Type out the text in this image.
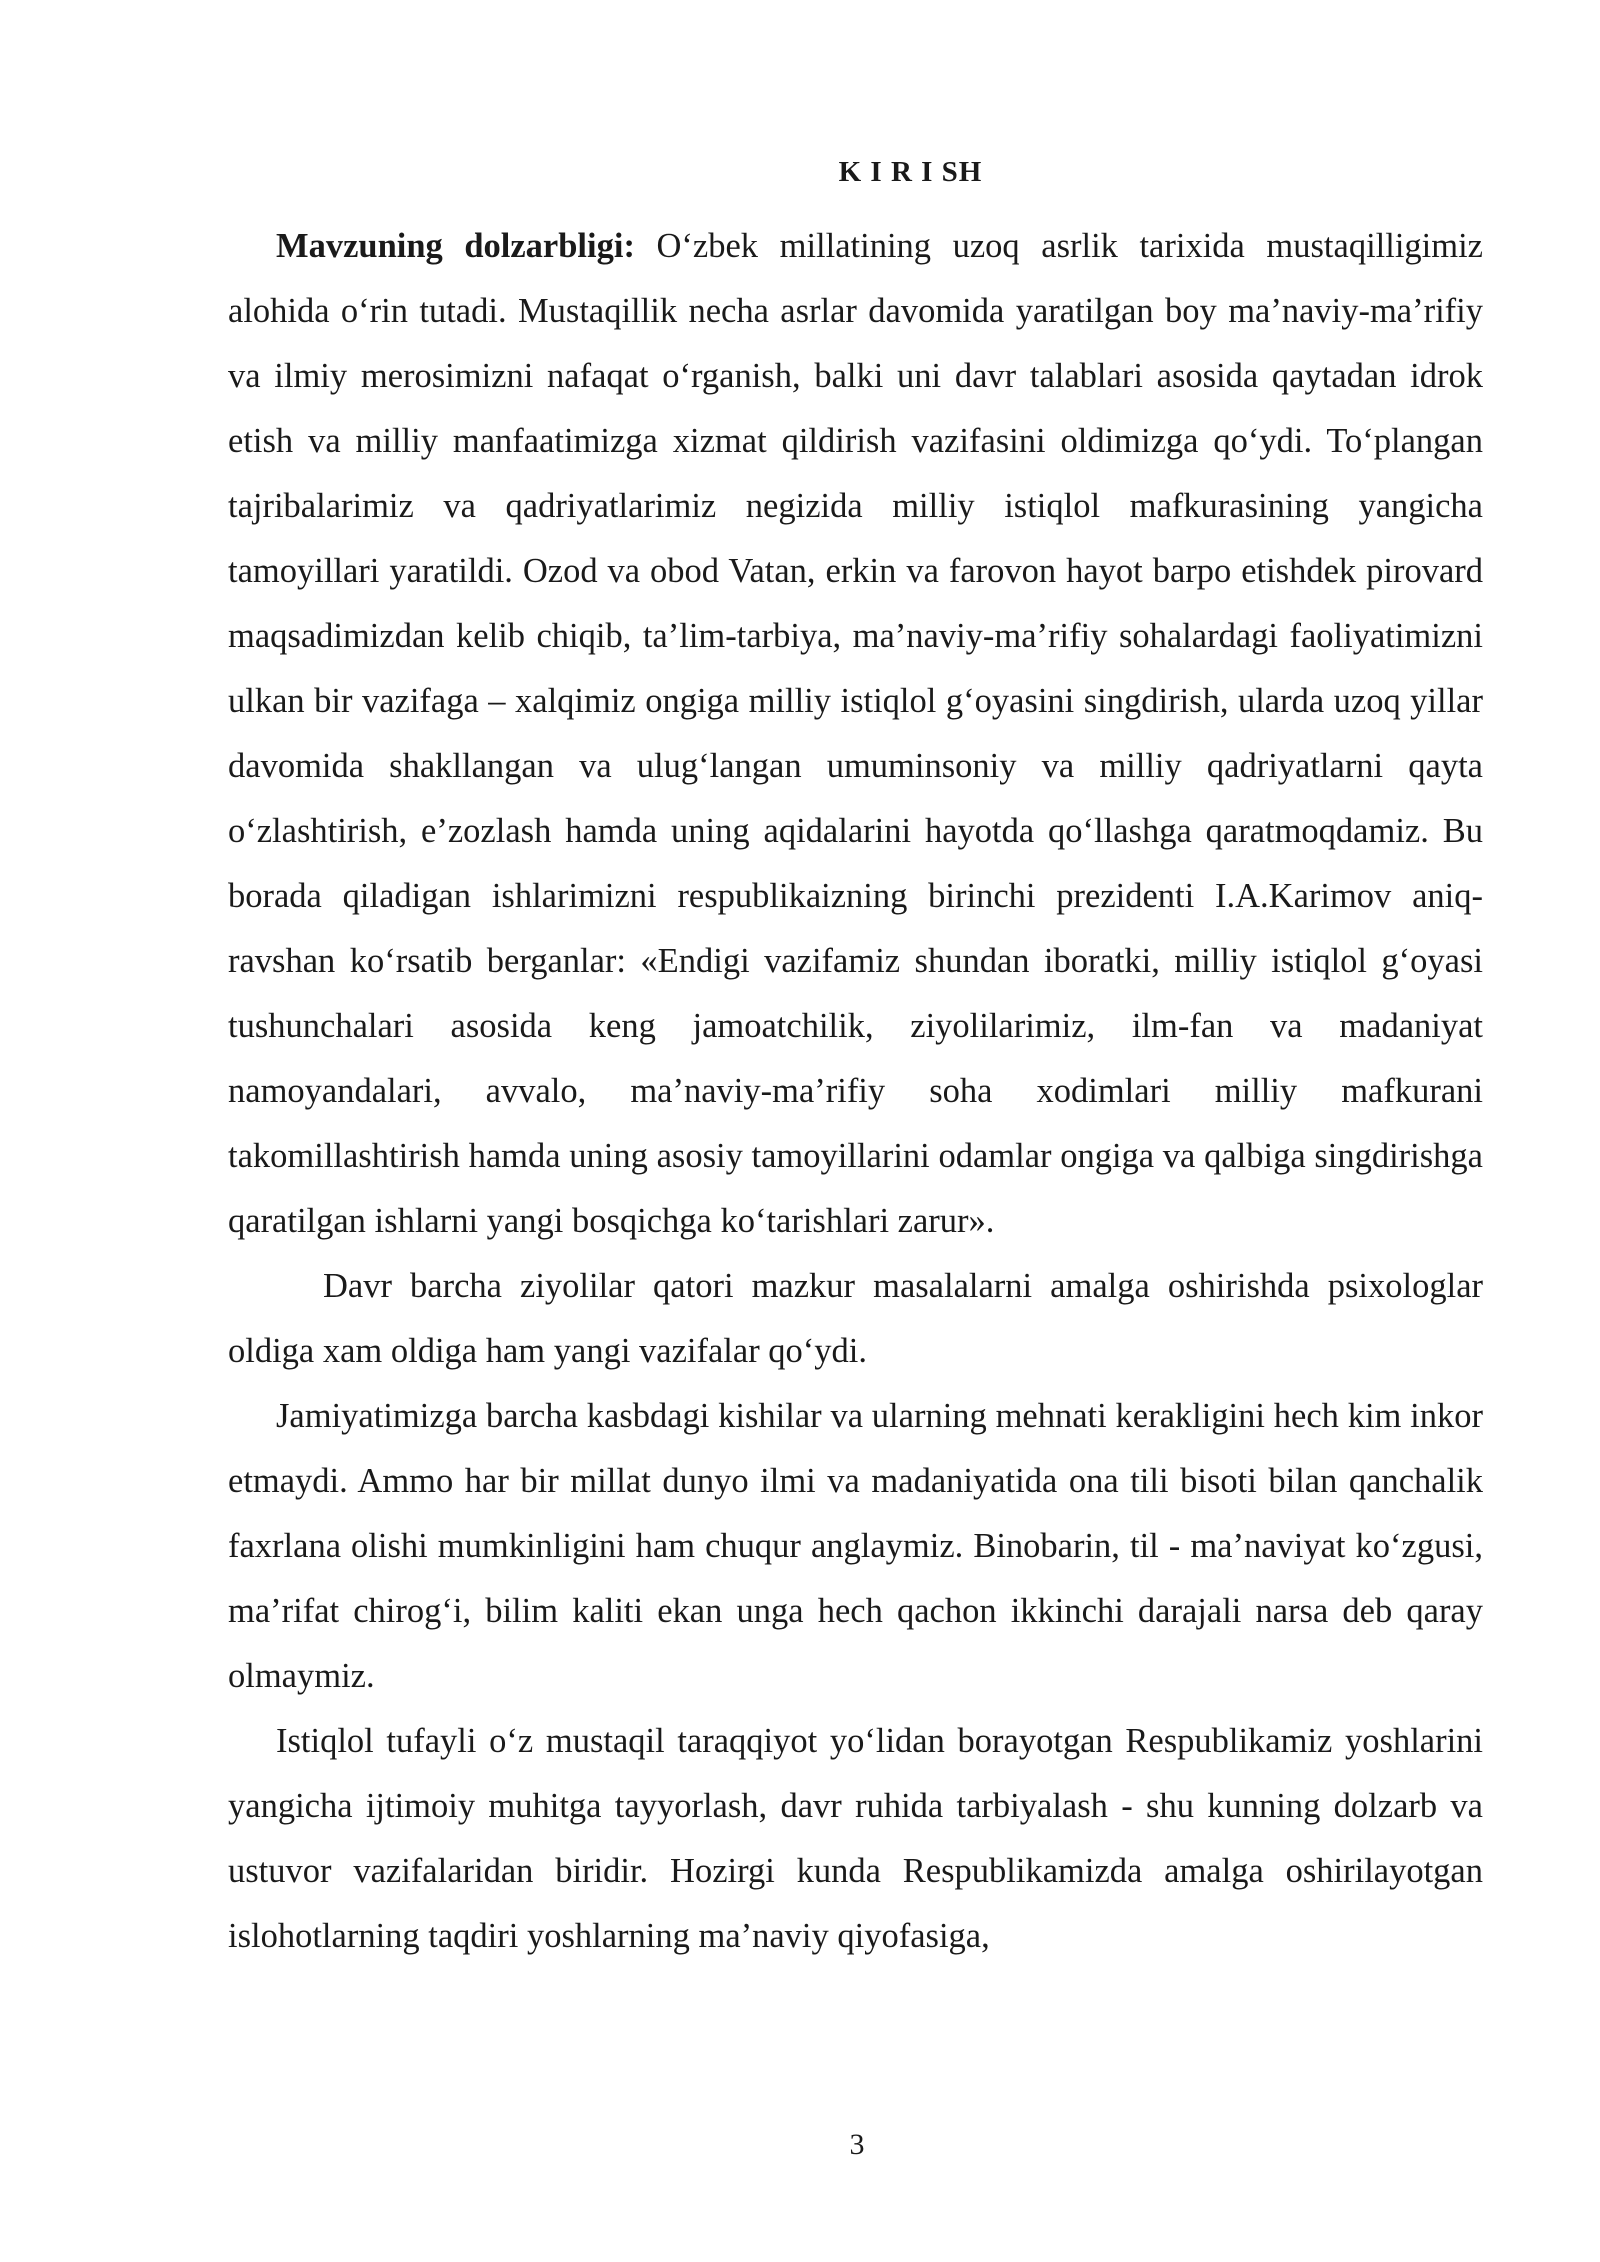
K I R I SH

Mavzuning dolzarbligi: O‘zbek millatining uzoq asrlik tarixida mustaqilligimiz alohida o‘rin tutadi. Mustaqillik necha asrlar davomida yaratilgan boy ma’naviy-ma’rifiy va ilmiy merosimizni nafaqat o‘rganish, balki uni davr talablari asosida qaytadan idrok etish va milliy manfaatimizga xizmat qildirish vazifasini oldimizga qo‘ydi. To‘plangan tajribalarimiz va qadriyatlarimiz negizida milliy istiqlol mafkurasining yangicha tamoyillari yaratildi. Ozod va obod Vatan, erkin va farovon hayot barpo etishdek pirovard maqsadimizdan kelib chiqib, ta’lim-tarbiya, ma’naviy-ma’rifiy sohalardagi faoliyatimizni ulkan bir vazifaga – xalqimiz ongiga milliy istiqlol g‘oyasini singdirish, ularda uzoq yillar davomida shakllangan va ulug‘langan umuminsoniy va milliy qadriyatlarni qayta o‘zlashtirish, e’zozlash hamda uning aqidalarini hayotda qo‘llashga qaratmoqdamiz. Bu borada qiladigan ishlarimizni respublikaizning birinchi prezidenti I.A.Karimov aniq-ravshan ko‘rsatib berganlar: «Endigi vazifamiz shundan iboratki, milliy istiqlol g‘oyasi tushunchalari asosida keng jamoatchilik, ziyolilarimiz, ilm-fan va madaniyat namoyandalari, avvalo, ma’naviy-ma’rifiy soha xodimlari milliy mafkurani takomillashtirish hamda uning asosiy tamoyillarini odamlar ongiga va qalbiga singdirishga qaratilgan ishlarni yangi bosqichga ko‘tarishlari zarur».

Davr barcha ziyolilar qatori mazkur masalalarni amalga oshirishda psixologlar oldiga xam oldiga ham yangi vazifalar qo‘ydi.

Jamiyatimizga barcha kasbdagi kishilar va ularning mehnati kerakligini hech kim inkor etmaydi. Ammo har bir millat dunyo ilmi va madaniyatida ona tili bisoti bilan qanchalik faxrlana olishi mumkinligini ham chuqur anglaymiz. Binobarin, til - ma’naviyat ko‘zgusi, ma’rifat chirog‘i, bilim kaliti ekan unga hech qachon ikkinchi darajali narsa deb qaray olmaymiz.

Istiqlol tufayli o‘z mustaqil taraqqiyot yo‘lidan borayotgan Respublikamiz yoshlarini yangicha ijtimoiy muhitga tayyorlash, davr ruhida tarbiyalash - shu kunning dolzarb va ustuvor vazifalaridan biridir. Hozirgi kunda Respublikamizda amalga oshirilayotgan islohotlarning taqdiri yoshlarning ma’naviy qiyofasiga,

3
